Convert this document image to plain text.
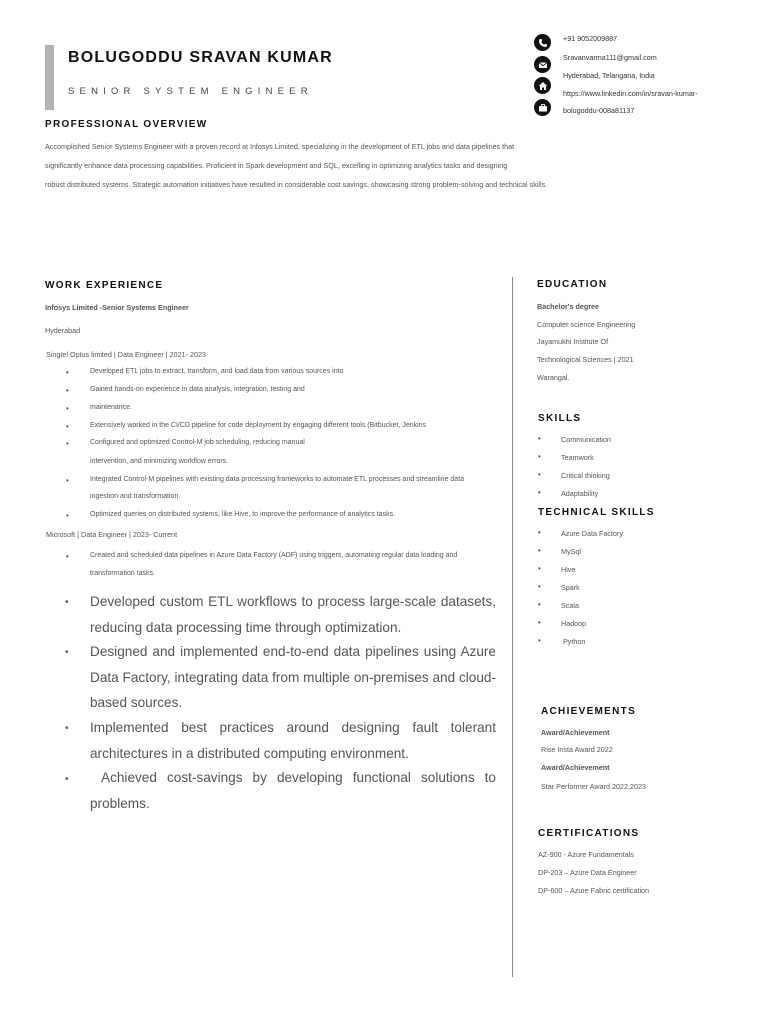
BOLUGODDU SRAVAN KUMAR
SENIOR SYSTEM ENGINEER
+91 9052009887
Sravanvarma111@gmail.com
Hyderabad, Telangana, India
https://www.linkedin.com/in/sravan-kumar-
bolugoddu-008a81137
PROFESSIONAL OVERVIEW
Accomplished Senior Systems Engineer with a proven record at Infosys Limited, specializing in the development of ETL jobs and data pipelines that
significantly enhance data processing capabilities. Proficient in Spark development and SQL, excelling in optimizing analytics tasks and designing
robust distributed systems. Strategic automation initiatives have resulted in considerable cost savings, showcasing strong problem-solving and technical skills.
WORK EXPERIENCE
Infosys Limited -Senior Systems Engineer
Hyderabad
Singtel Optus limited | Data Engineer | 2021- 2023
•	Developed ETL jobs to extract, transform, and load data from various sources into
•	Gained hands-on experience in data analysis, integration, testing and
•	maintenance.
•	Extensively worked in the CI/CD pipeline for code deployment by engaging different tools (Bitbucket, Jenkins
•	Configured and optimized Control-M job scheduling, reducing manual
intervention, and minimizing workflow errors.
•	Integrated Control-M pipelines with existing data processing frameworks to automate ETL processes and streamline data
ingestion and transformation.
•	Optimized queries on distributed systems, like Hive, to improve the performance of analytics tasks.
Microsoft | Data Engineer | 2023- Current
•	Created and scheduled data pipelines in Azure Data Factory (ADF) using triggers, automating regular data loading and
transformation tasks.
• Developed custom ETL workflows to process large-scale datasets, reducing data processing time through optimization.
• Designed and implemented end-to-end data pipelines using Azure Data Factory, integrating data from multiple on-premises and cloud-based sources.
• Implemented best practices around designing fault tolerant architectures in a distributed computing environment.
•	Achieved cost-savings by developing functional solutions to problems.
EDUCATION
Bachelor's degree
Computer science Engineering
Jayamukhi Institute Of
Technological Sciences | 2021
Warangal.
SKILLS
•	Communication
•	Teamwork
•	Critical thinking
•	Adaptability
TECHNICAL SKILLS
•	Azure Data Factory
•	MySql
•	Hive
•	Spark
•	Scala
•	Hadoop
•	Python
ACHIEVEMENTS
Award/Achievement
Rise Insta Award 2022
Award/Achievement
Star Performer Award 2022,2023
CERTIFICATIONS
AZ-900 - Azure Fundamentals
DP-203 – Azure Data Engineer
DP-600 – Azure Fabric certification
